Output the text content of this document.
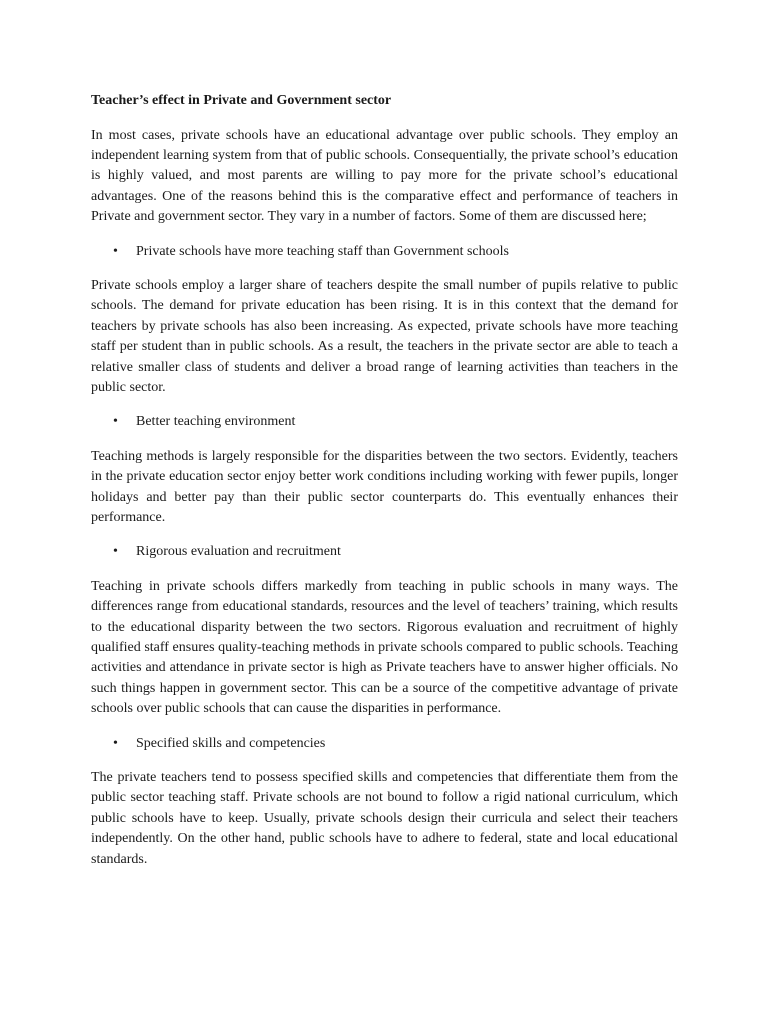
Teacher’s effect in Private and Government sector

In most cases, private schools have an educational advantage over public schools. They employ an independent learning system from that of public schools. Consequentially, the private school’s education is highly valued, and most parents are willing to pay more for the private school’s educational advantages. One of the reasons behind this is the comparative effect and performance of teachers in Private and government sector. They vary in a number of factors. Some of them are discussed here;

• Private schools have more teaching staff than Government schools

Private schools employ a larger share of teachers despite the small number of pupils relative to public schools. The demand for private education has been rising. It is in this context that the demand for teachers by private schools has also been increasing. As expected, private schools have more teaching staff per student than in public schools. As a result, the teachers in the private sector are able to teach a relative smaller class of students and deliver a broad range of learning activities than teachers in the public sector.

• Better teaching environment

Teaching methods is largely responsible for the disparities between the two sectors. Evidently, teachers in the private education sector enjoy better work conditions including working with fewer pupils, longer holidays and better pay than their public sector counterparts do. This eventually enhances their performance.

• Rigorous evaluation and recruitment

Teaching in private schools differs markedly from teaching in public schools in many ways. The differences range from educational standards, resources and the level of teachers’ training, which results to the educational disparity between the two sectors. Rigorous evaluation and recruitment of highly qualified staff ensures quality-teaching methods in private schools compared to public schools. Teaching activities and attendance in private sector is high as Private teachers have to answer higher officials. No such things happen in government sector. This can be a source of the competitive advantage of private schools over public schools that can cause the disparities in performance.

• Specified skills and competencies

The private teachers tend to possess specified skills and competencies that differentiate them from the public sector teaching staff. Private schools are not bound to follow a rigid national curriculum, which public schools have to keep. Usually, private schools design their curricula and select their teachers independently. On the other hand, public schools have to adhere to federal, state and local educational standards.
